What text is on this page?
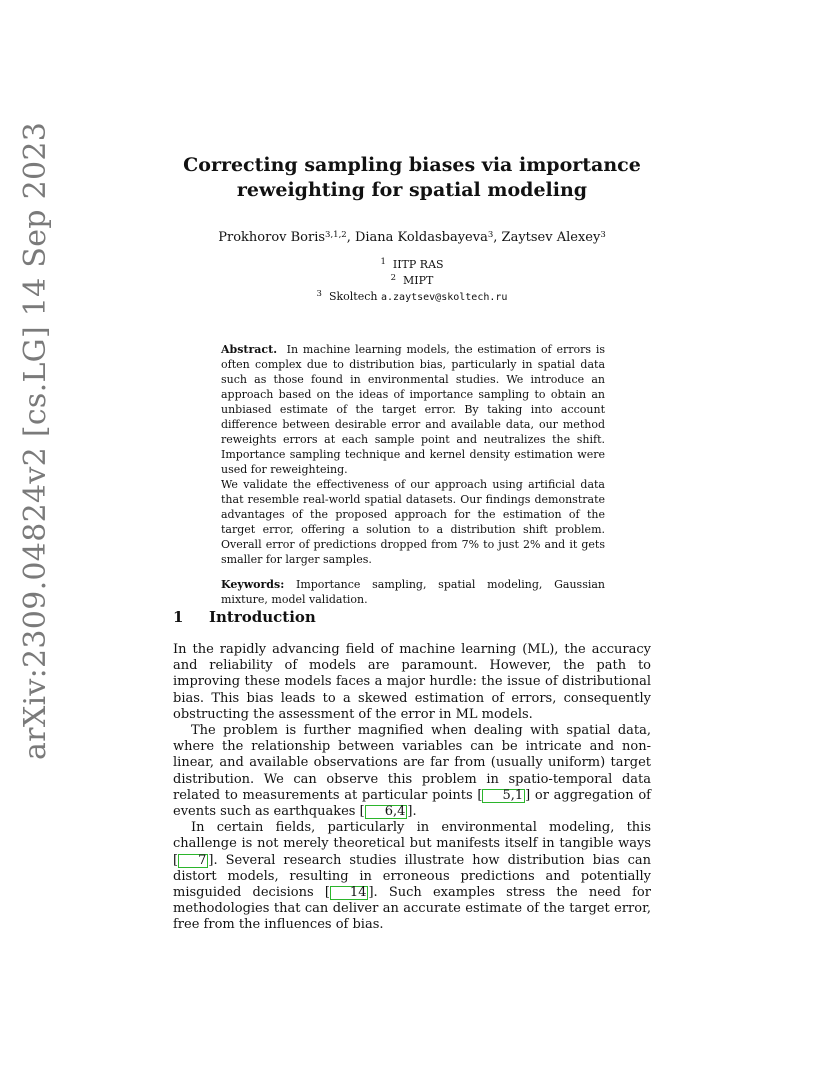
arXiv:2309.04824v2 [cs.LG] 14 Sep 2023	Correcting sampling biases via importance
reweighting for spatial modeling
Prokhorov Boris$^{3,1,2}$, Diana Koldasbayeva$^3$, Zaytsev Alexey$^3$
$^1$ IITP RAS
$^2$ MIPT
$^3$ Skoltech a.zaytsev@skoltech.ru

Abstract. In machine learning models, the estimation of errors is often complex due to distribution bias, particularly in spatial data such as those found in environmental studies. We introduce an approach based on the ideas of importance sampling to obtain an unbiased estimate of the target error. By taking into account difference between desirable error and available data, our method reweights errors at each sample point and neutralizes the shift. Importance sampling technique and kernel density estimation were used for reweighteing.

We validate the effectiveness of our approach using artificial data that resemble real-world spatial datasets. Our findings demonstrate advantages of the proposed approach for the estimation of the target error, offering a solution to a distribution shift problem. Overall error of predictions dropped from 7% to just 2% and it gets smaller for larger samples.

Keywords: Importance sampling, spatial modeling, Gaussian mixture, model validation.

1 Introduction

In the rapidly advancing field of machine learning (ML), the accuracy and reliability of models are paramount. However, the path to improving these models faces a major hurdle: the issue of distributional bias. This bias leads to a skewed estimation of errors, consequently obstructing the assessment of the error in ML models.

The problem is further magnified when dealing with spatial data, where the relationship between variables can be intricate and non-linear, and available observations are far from (usually uniform) target distribution. We can observe this problem in spatio-temporal data related to measurements at particular points [ 5,1 ] or aggregation of events such as earthquakes [ 6,4 ].

In certain fields, particularly in environmental modeling, this challenge is not merely theoretical but manifests itself in tangible ways [ 7 ]. Several research studies illustrate how distribution bias can distort models, resulting in erroneous predictions and potentially misguided decisions [ 14 ]. Such examples stress the need for methodologies that can deliver an accurate estimate of the target error, free from the influences of bias.
